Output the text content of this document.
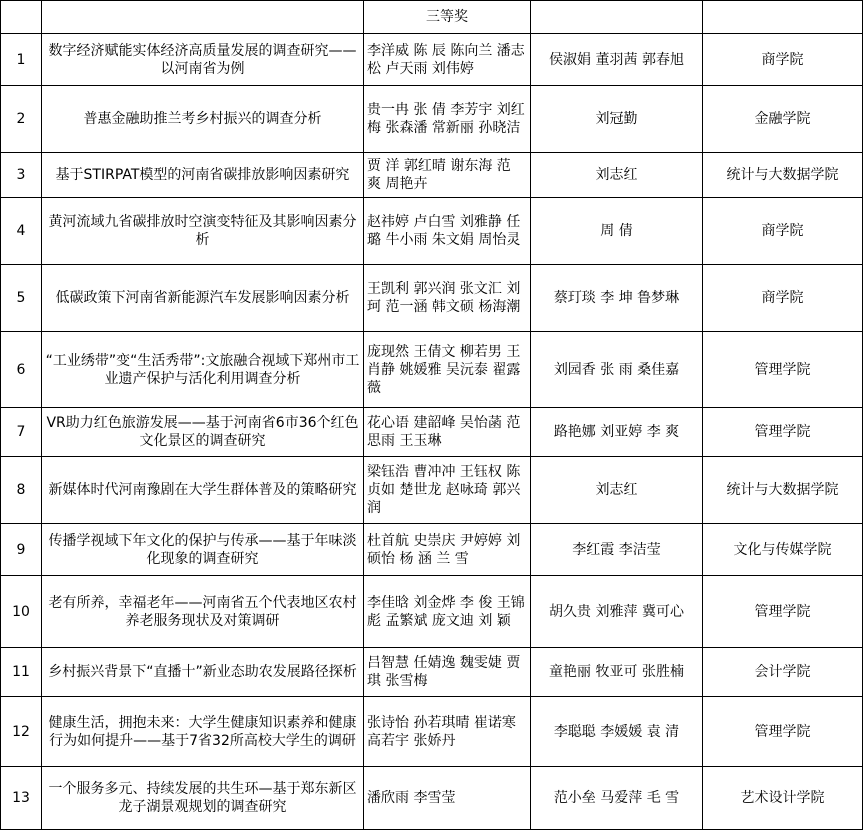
		三等奖		
1	数字经济赋能实体经济高质量发展的调查研究——以河南省为例	李洋威 陈 辰 陈向兰 潘志松 卢天雨 刘伟婷	侯淑娟 董羽茜 郭春旭	商学院
2	普惠金融助推兰考乡村振兴的调查分析	贵一冉 张 倩 李芳宇 刘红梅 张森潘 常新丽 孙晓洁	刘冠勤	金融学院
3	基于STIRPAT模型的河南省碳排放影响因素研究	贾 洋 郭红晴 谢东海 范 爽 周艳卉	刘志红	统计与大数据学院
4	黄河流域九省碳排放时空演变特征及其影响因素分析	赵祎婷 卢白雪 刘雅静 任 璐 牛小雨 朱文娟 周怡灵	周 倩	商学院
5	低碳政策下河南省新能源汽车发展影响因素分析	王凯利 郭兴润 张文汇 刘 珂 范一涵 韩文硕 杨海潮	蔡玎琰 李 坤 鲁梦琳	商学院
6	“工业绣带”变“生活秀带”:文旅融合视域下郑州市工业遗产保护与活化利用调查分析	庞现然 王倩文 柳若男 王肖静 姚媛雅 吴沅泰 翟露薇	刘园香 张 雨 桑佳嘉	管理学院
7	VR助力红色旅游发展——基于河南省6市36个红色文化景区的调查研究	花心语 建韶峰 吴怡菡 范思雨 王玉琳	路艳娜 刘亚婷 李 爽	管理学院
8	新媒体时代河南豫剧在大学生群体普及的策略研究	梁钰浩 曹冲冲 王钰权 陈贞如 楚世龙 赵咏琦 郭兴润	刘志红	统计与大数据学院
9	传播学视域下年文化的保护与传承——基于年味淡化现象的调查研究	杜首航 史崇庆 尹婷婷 刘硕怡 杨 涵 兰 雪	李红霞 李洁莹	文化与传媒学院
10	老有所养，幸福老年——河南省五个代表地区农村养老服务现状及对策调研	李佳晗 刘金烨 李 俊 王锦彪 孟繁斌 庞文迪 刘 颖	胡久贵 刘雅萍 冀可心	管理学院
11	乡村振兴背景下“直播十”新业态助农发展路径探析	吕智慧 任婧逸 魏雯婕 贾 琪 张雪梅	童艳丽 牧亚可 张胜楠	会计学院
12	健康生活，拥抱未来：大学生健康知识素养和健康行为如何提升——基于7省32所高校大学生的调研	张诗怡 孙若琪晴 崔诺寒 高若宇 张娇丹	李聪聪 李媛媛 袁 清	管理学院
13	一个服务多元、持续发展的共生环—基于郑东新区龙子湖景观规划的调查研究	潘欣雨 李雪莹	范小垒 马爱萍 毛 雪	艺术设计学院
